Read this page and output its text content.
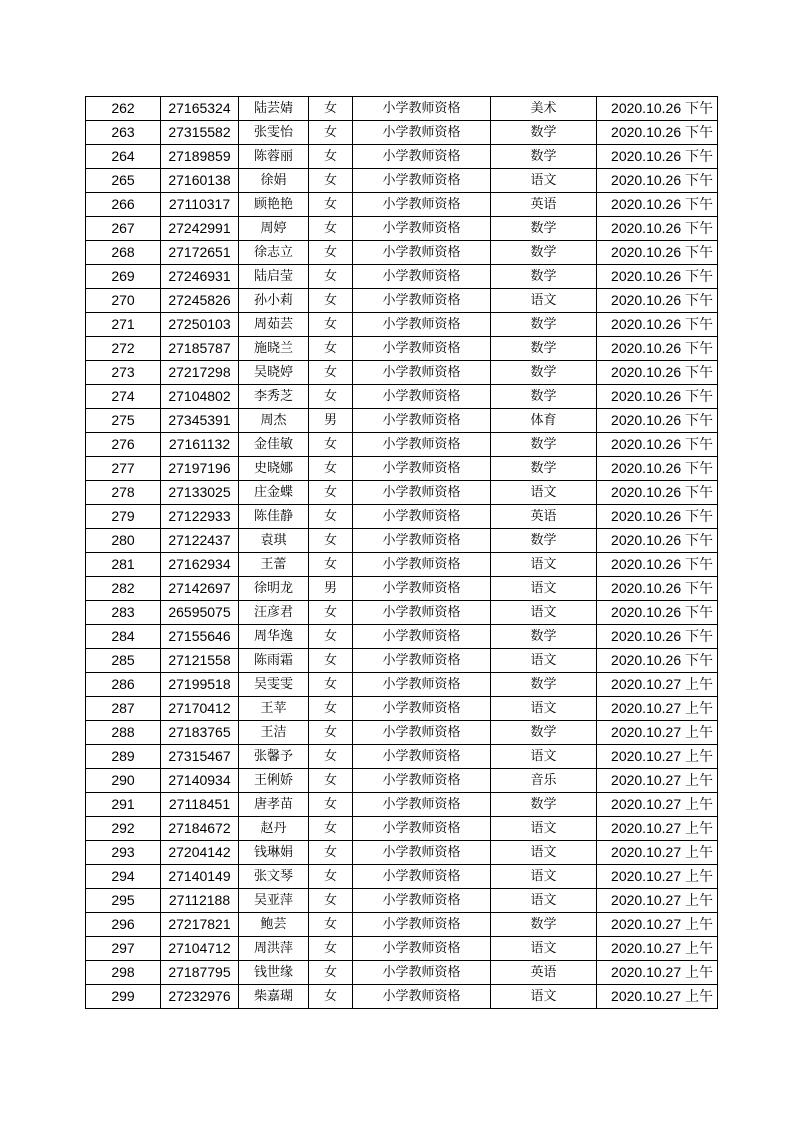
262	27165324	陆芸婧	女	小学教师资格	美术	2020.10.26 下午
263	27315582	张雯怡	女	小学教师资格	数学	2020.10.26 下午
264	27189859	陈蓉丽	女	小学教师资格	数学	2020.10.26 下午
265	27160138	徐娟	女	小学教师资格	语文	2020.10.26 下午
266	27110317	顾艳艳	女	小学教师资格	英语	2020.10.26 下午
267	27242991	周婷	女	小学教师资格	数学	2020.10.26 下午
268	27172651	徐志立	女	小学教师资格	数学	2020.10.26 下午
269	27246931	陆启莹	女	小学教师资格	数学	2020.10.26 下午
270	27245826	孙小莉	女	小学教师资格	语文	2020.10.26 下午
271	27250103	周茹芸	女	小学教师资格	数学	2020.10.26 下午
272	27185787	施晓兰	女	小学教师资格	数学	2020.10.26 下午
273	27217298	吴晓婷	女	小学教师资格	数学	2020.10.26 下午
274	27104802	李秀芝	女	小学教师资格	数学	2020.10.26 下午
275	27345391	周杰	男	小学教师资格	体育	2020.10.26 下午
276	27161132	金佳敏	女	小学教师资格	数学	2020.10.26 下午
277	27197196	史晓娜	女	小学教师资格	数学	2020.10.26 下午
278	27133025	庄金蝶	女	小学教师资格	语文	2020.10.26 下午
279	27122933	陈佳静	女	小学教师资格	英语	2020.10.26 下午
280	27122437	袁琪	女	小学教师资格	数学	2020.10.26 下午
281	27162934	王蕾	女	小学教师资格	语文	2020.10.26 下午
282	27142697	徐明龙	男	小学教师资格	语文	2020.10.26 下午
283	26595075	汪彦君	女	小学教师资格	语文	2020.10.26 下午
284	27155646	周华逸	女	小学教师资格	数学	2020.10.26 下午
285	27121558	陈雨霜	女	小学教师资格	语文	2020.10.26 下午
286	27199518	吴雯雯	女	小学教师资格	数学	2020.10.27 上午
287	27170412	王苹	女	小学教师资格	语文	2020.10.27 上午
288	27183765	王洁	女	小学教师资格	数学	2020.10.27 上午
289	27315467	张馨予	女	小学教师资格	语文	2020.10.27 上午
290	27140934	王俐娇	女	小学教师资格	音乐	2020.10.27 上午
291	27118451	唐孝苗	女	小学教师资格	数学	2020.10.27 上午
292	27184672	赵丹	女	小学教师资格	语文	2020.10.27 上午
293	27204142	钱琳娟	女	小学教师资格	语文	2020.10.27 上午
294	27140149	张文琴	女	小学教师资格	语文	2020.10.27 上午
295	27112188	吴亚萍	女	小学教师资格	语文	2020.10.27 上午
296	27217821	鲍芸	女	小学教师资格	数学	2020.10.27 上午
297	27104712	周洪萍	女	小学教师资格	语文	2020.10.27 上午
298	27187795	钱世缘	女	小学教师资格	英语	2020.10.27 上午
299	27232976	柴嘉瑚	女	小学教师资格	语文	2020.10.27 上午
